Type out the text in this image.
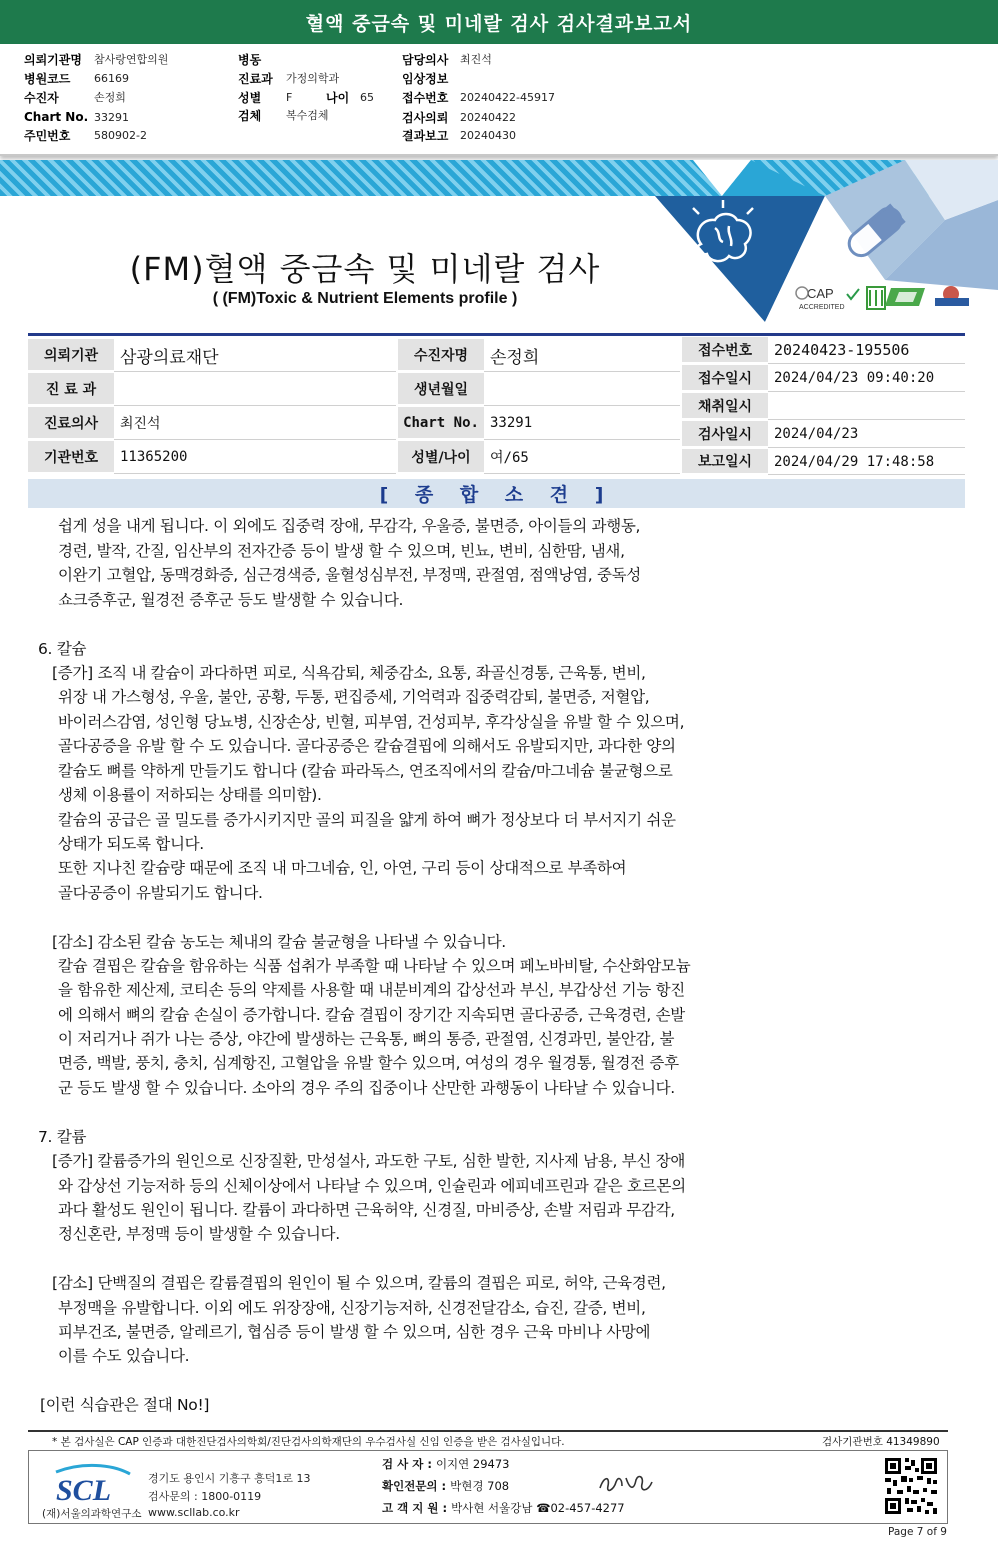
혈액 중금속 및 미네랄 검사 검사결과보고서
의뢰기관명	참사랑연합의원
병원코드	66169
수진자	손정희
Chart No. 33291
주민번호	580902-2
병동
진료과	가정의학과
성별	F	나이 65
검체	복수검체
담당의사	최진석
임상정보
접수번호	20240422-45917
검사의뢰	20240422
결과보고	20240430
CAP
ACCREDITED
(FM)혈액 중금속 및 미네랄 검사
( (FM)Toxic & Nutrient Elements profile )
의뢰기관	삼광의료재단
진 료 과
진료의사	최진석
기관번호	11365200
수진자명	손정희
생년월일
Chart No. 33291
성별/나이	여/65
접수번호	20240423-195506
접수일시	2024/04/23 09:40:20
채취일시
검사일시	2024/04/23
보고일시	2024/04/29 17:48:58
[ 종 합 소 견 ]
쉽게 성을 내게 됩니다. 이 외에도 집중력 장애, 무감각, 우울증, 불면증, 아이들의 과행동,
경련, 발작, 간질, 임산부의 전자간증 등이 발생 할 수 있으며, 빈뇨, 변비, 심한땀, 냄새,
이완기 고혈압, 동맥경화증, 심근경색증, 울혈성심부전, 부정맥, 관절염, 점액낭염, 중독성
쇼크증후군, 월경전 증후군 등도 발생할 수 있습니다.
6. 칼슘
[증가] 조직 내 칼슘이 과다하면 피로, 식욕감퇴, 체중감소, 요통, 좌골신경통, 근육통, 변비,
위장 내 가스형성, 우울, 불안, 공황, 두통, 편집증세, 기억력과 집중력감퇴, 불면증, 저혈압,
바이러스감염, 성인형 당뇨병, 신장손상, 빈혈, 피부염, 건성피부, 후각상실을 유발 할 수 있으며,
골다공증을 유발 할 수 도 있습니다. 골다공증은 칼슘결핍에 의해서도 유발되지만, 과다한 양의
칼슘도 뼈를 약하게 만들기도 합니다 (칼슘 파라독스, 연조직에서의 칼슘/마그네슘 불균형으로
생체 이용률이 저하되는 상태를 의미함).
칼슘의 공급은 골 밀도를 증가시키지만 골의 피질을 얇게 하여 뼈가 정상보다 더 부서지기 쉬운
상태가 되도록 합니다.
또한 지나친 칼슘량 때문에 조직 내 마그네슘, 인, 아연, 구리 등이 상대적으로 부족하여
골다공증이 유발되기도 합니다.
[감소] 감소된 칼슘 농도는 체내의 칼슘 불균형을 나타낼 수 있습니다.
칼슘 결핍은 칼슘을 함유하는 식품 섭취가 부족할 때 나타날 수 있으며 페노바비탈, 수산화암모늄
을 함유한 제산제, 코티손 등의 약제를 사용할 때 내분비계의 갑상선과 부신, 부갑상선 기능 항진
에 의해서 뼈의 칼슘 손실이 증가합니다. 칼슘 결핍이 장기간 지속되면 골다공증, 근육경련, 손발
이 저리거나 쥐가 나는 증상, 야간에 발생하는 근육통, 뼈의 통증, 관절염, 신경과민, 불안감, 불
면증, 백발, 풍치, 충치, 심계항진, 고혈압을 유발 할수 있으며, 여성의 경우 월경통, 월경전 증후
군 등도 발생 할 수 있습니다. 소아의 경우 주의 집중이나 산만한 과행동이 나타날 수 있습니다.
7. 칼륨
[증가] 칼륨증가의 원인으로 신장질환, 만성설사, 과도한 구토, 심한 발한, 지사제 남용, 부신 장애
와 갑상선 기능저하 등의 신체이상에서 나타날 수 있으며, 인슐린과 에피네프린과 같은 호르몬의
과다 활성도 원인이 됩니다. 칼륨이 과다하면 근육허약, 신경질, 마비증상, 손발 저림과 무감각,
정신혼란, 부정맥 등이 발생할 수 있습니다.
[감소] 단백질의 결핍은 칼륨결핍의 원인이 될 수 있으며, 칼륨의 결핍은 피로, 허약, 근육경련,
부정맥을 유발합니다. 이외 에도 위장장애, 신장기능저하, 신경전달감소, 습진, 갈증, 변비,
피부건조, 불면증, 알레르기, 협심증 등이 발생 할 수 있으며, 심한 경우 근육 마비나 사망에
이를 수도 있습니다.
[이런 식습관은 절대 No!]
* 본 검사실은 CAP 인증과 대한진단검사의학회/진단검사의학재단의 우수검사실 신임 인증을 받은 검사실입니다.	검사기관번호 41349890
SCL
(재)서울의과학연구소
경기도 용인시 기흥구 흥덕1로 13
검사문의 : 1800-0119
www.scllab.co.kr
검 사 자 : 이지연 29473
확인전문의 : 박현경 708
고 객 지 원 : 박사현 서울강남 ☎02-457-4277
Page 7 of 9
